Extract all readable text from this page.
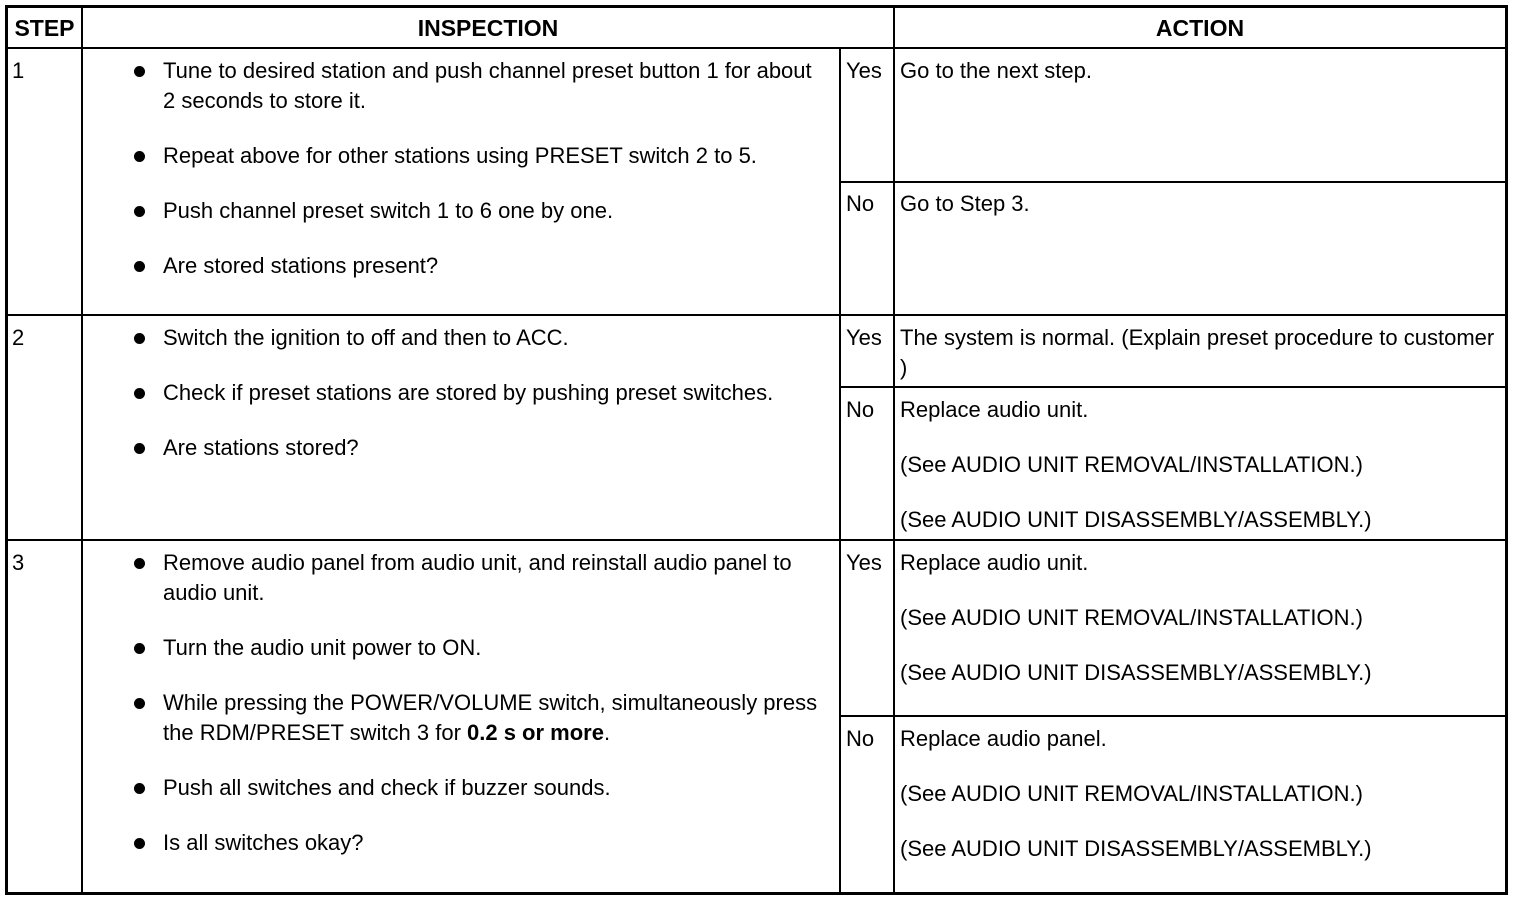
STEP	INSPECTION	ACTION
1	Tune to desired station and push channel preset button 1 for about 2 seconds to store it.
Repeat above for other stations using PRESET switch 2 to 5.
Push channel preset switch 1 to 6 one by one.
Are stored stations present?
Yes Go to the next step.

No Go to Step 3.

2	Switch the ignition to off and then to ACC.
Check if preset stations are stored by pushing preset switches.
Are stations stored?
Yes The system is normal. (Explain preset procedure to customer )

No Replace audio unit.

(See AUDIO UNIT REMOVAL/INSTALLATION.)

(See AUDIO UNIT DISASSEMBLY/ASSEMBLY.)

3	Remove audio panel from audio unit, and reinstall audio panel to audio unit.
Turn the audio unit power to ON.
While pressing the POWER/VOLUME switch, simultaneously press the RDM/PRESET switch 3 for 0.2 s or more.
Push all switches and check if buzzer sounds.
Is all switches okay?
Yes Replace audio unit.

(See AUDIO UNIT REMOVAL/INSTALLATION.)

(See AUDIO UNIT DISASSEMBLY/ASSEMBLY.)

No Replace audio panel.

(See AUDIO UNIT REMOVAL/INSTALLATION.)

(See AUDIO UNIT DISASSEMBLY/ASSEMBLY.)
